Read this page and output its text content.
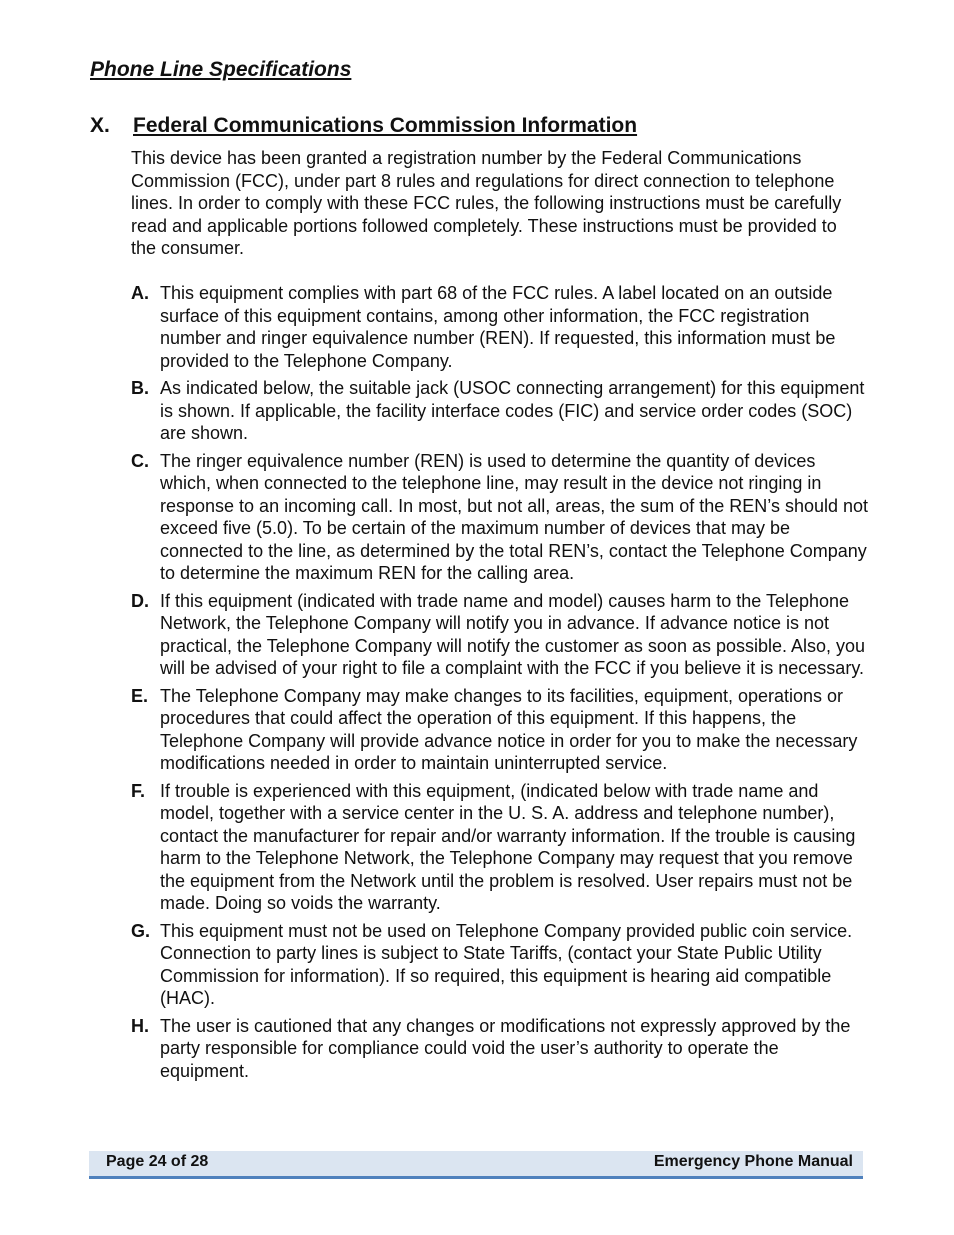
Phone Line Specifications
X. Federal Communications Commission Information

This device has been granted a registration number by the Federal Communications Commission (FCC), under part 8 rules and regulations for direct connection to telephone lines. In order to comply with these FCC rules, the following instructions must be carefully read and applicable portions followed completely. These instructions must be provided to the consumer.

A. This equipment complies with part 68 of the FCC rules. A label located on an outside surface of this equipment contains, among other information, the FCC registration number and ringer equivalence number (REN). If requested, this information must be provided to the Telephone Company.
B. As indicated below, the suitable jack (USOC connecting arrangement) for this equipment is shown. If applicable, the facility interface codes (FIC) and service order codes (SOC) are shown.
C. The ringer equivalence number (REN) is used to determine the quantity of devices which, when connected to the telephone line, may result in the device not ringing in response to an incoming call. In most, but not all, areas, the sum of the REN’s should not exceed five (5.0). To be certain of the maximum number of devices that may be connected to the line, as determined by the total REN’s, contact the Telephone Company to determine the maximum REN for the calling area.
D. If this equipment (indicated with trade name and model) causes harm to the Telephone Network, the Telephone Company will notify you in advance. If advance notice is not practical, the Telephone Company will notify the customer as soon as possible. Also, you will be advised of your right to file a complaint with the FCC if you believe it is necessary.
E. The Telephone Company may make changes to its facilities, equipment, operations or procedures that could affect the operation of this equipment. If this happens, the Telephone Company will provide advance notice in order for you to make the necessary modifications needed in order to maintain uninterrupted service.
F. If trouble is experienced with this equipment, (indicated below with trade name and model, together with a service center in the U. S. A. address and telephone number), contact the manufacturer for repair and/or warranty information. If the trouble is causing harm to the Telephone Network, the Telephone Company may request that you remove the equipment from the Network until the problem is resolved. User repairs must not be made. Doing so voids the warranty.
G. This equipment must not be used on Telephone Company provided public coin service. Connection to party lines is subject to State Tariffs, (contact your State Public Utility Commission for information). If so required, this equipment is hearing aid compatible (HAC).
H. The user is cautioned that any changes or modifications not expressly approved by the party responsible for compliance could void the user’s authority to operate the equipment.
Page 24 of 28	Emergency Phone Manual
